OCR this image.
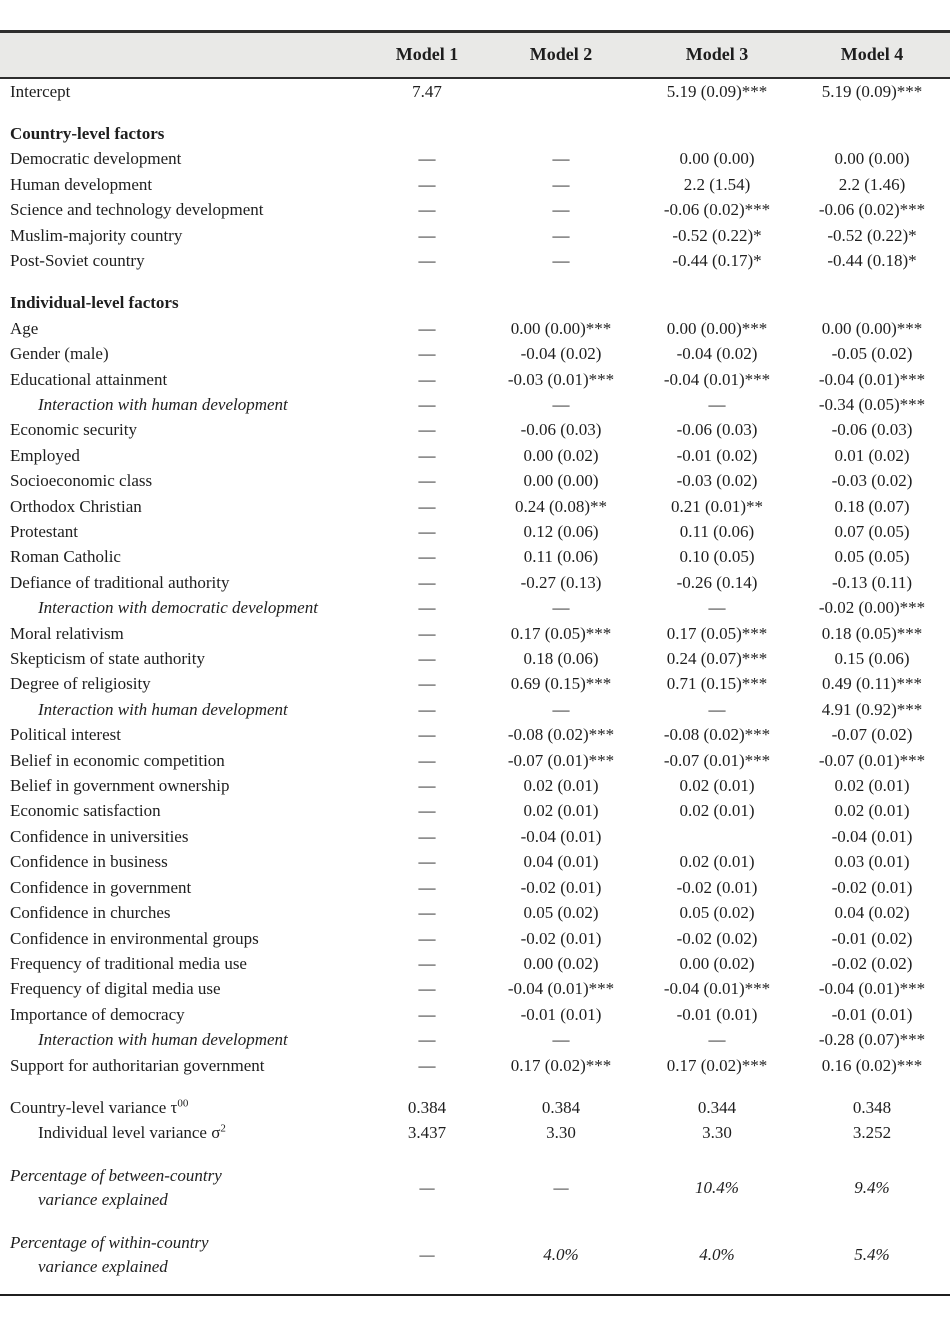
	Model 1	Model 2	Model 3	Model 4
Intercept	7.47		5.19 (0.09)***	5.19 (0.09)***

Country-level factors				
Democratic development	—	—	0.00 (0.00)	0.00 (0.00)
Human development	—	—	2.2 (1.54)	2.2 (1.46)
Science and technology development	—	—	-0.06 (0.02)***	-0.06 (0.02)***
Muslim-majority country	—	—	-0.52 (0.22)*	-0.52 (0.22)*
Post-Soviet country	—	—	-0.44 (0.17)*	-0.44 (0.18)*

Individual-level factors				
Age	—	0.00 (0.00)***	0.00 (0.00)***	0.00 (0.00)***
Gender (male)	—	-0.04 (0.02)	-0.04 (0.02)	-0.05 (0.02)
Educational attainment	—	-0.03 (0.01)***	-0.04 (0.01)***	-0.04 (0.01)***
Interaction with human development	—	—	—	-0.34 (0.05)***
Economic security	—	-0.06 (0.03)	-0.06 (0.03)	-0.06 (0.03)
Employed	—	0.00 (0.02)	-0.01 (0.02)	0.01 (0.02)
Socioeconomic class	—	0.00 (0.00)	-0.03 (0.02)	-0.03 (0.02)
Orthodox Christian	—	0.24 (0.08)**	0.21 (0.01)**	0.18 (0.07)
Protestant	—	0.12 (0.06)	0.11 (0.06)	0.07 (0.05)
Roman Catholic	—	0.11 (0.06)	0.10 (0.05)	0.05 (0.05)
Defiance of traditional authority	—	-0.27 (0.13)	-0.26 (0.14)	-0.13 (0.11)
Interaction with democratic development	—	—	—	-0.02 (0.00)***
Moral relativism	—	0.17 (0.05)***	0.17 (0.05)***	0.18 (0.05)***
Skepticism of state authority	—	0.18 (0.06)	0.24 (0.07)***	0.15 (0.06)
Degree of religiosity	—	0.69 (0.15)***	0.71 (0.15)***	0.49 (0.11)***
Interaction with human development	—	—	—	4.91 (0.92)***
Political interest	—	-0.08 (0.02)***	-0.08 (0.02)***	-0.07 (0.02)
Belief in economic competition	—	-0.07 (0.01)***	-0.07 (0.01)***	-0.07 (0.01)***
Belief in government ownership	—	0.02 (0.01)	0.02 (0.01)	0.02 (0.01)
Economic satisfaction	—	0.02 (0.01)	0.02 (0.01)	0.02 (0.01)
Confidence in universities	—	-0.04 (0.01)		-0.04 (0.01)
Confidence in business	—	0.04 (0.01)	0.02 (0.01)	0.03 (0.01)
Confidence in government	—	-0.02 (0.01)	-0.02 (0.01)	-0.02 (0.01)
Confidence in churches	—	0.05 (0.02)	0.05 (0.02)	0.04 (0.02)
Confidence in environmental groups	—	-0.02 (0.01)	-0.02 (0.02)	-0.01 (0.02)
Frequency of traditional media use	—	0.00 (0.02)	0.00 (0.02)	-0.02 (0.02)
Frequency of digital media use	—	-0.04 (0.01)***	-0.04 (0.01)***	-0.04 (0.01)***
Importance of democracy	—	-0.01 (0.01)	-0.01 (0.01)	-0.01 (0.01)
Interaction with human development	—	—	—	-0.28 (0.07)***
Support for authoritarian government	—	0.17 (0.02)***	0.17 (0.02)***	0.16 (0.02)***

Country-level variance $\tau^{00}$	0.384	0.384	0.344	0.348
Individual level variance $\sigma^2$	3.437	3.30	3.30	3.252

Percentage of between-country
variance explained	—	—	10.4%	9.4%

Percentage of within-country
variance explained	—	4.0%	4.0%	5.4%
